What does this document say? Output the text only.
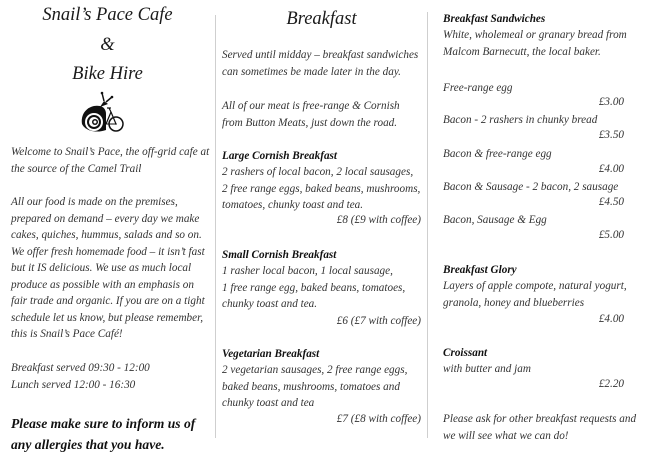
Snail’s Pace Cafe
&
Bike Hire
Welcome to Snail’s Pace, the off-grid cafe at
the source of the Camel Trail
All our food is made on the premises,
prepared on demand – every day we make
cakes, quiches, hummus, salads and so on.
We offer fresh homemade food – it isn’t fast
but it IS delicious. We use as much local
produce as possible with an emphasis on
fair trade and organic. If you are on a tight
schedule let us know, but please remember,
this is Snail’s Pace Café!
Breakfast served 09:30 - 12:00
Lunch served 12:00 - 16:30
Please make sure to inform us of
any allergies that you have.
Breakfast
Served until midday – breakfast sandwiches
can sometimes be made later in the day.
All of our meat is free-range & Cornish
from Button Meats, just down the road.
Large Cornish Breakfast
2 rashers of local bacon, 2 local sausages,
2 free range eggs, baked beans, mushrooms,
tomatoes, chunky toast and tea.
£8 (£9 with coffee)
Small Cornish Breakfast
1 rasher local bacon, 1 local sausage,
1 free range egg, baked beans, tomatoes,
chunky toast and tea.
£6 (£7 with coffee)
Vegetarian Breakfast
2 vegetarian sausages, 2 free range eggs,
baked beans, mushrooms, tomatoes and
chunky toast and tea
£7 (£8 with coffee)
Breakfast Sandwiches
White, wholemeal or granary bread from
Malcom Barnecutt, the local baker.
Free-range egg
£3.00
Bacon - 2 rashers in chunky bread
£3.50
Bacon & free-range egg
£4.00
Bacon & Sausage - 2 bacon, 2 sausage
£4.50
Bacon, Sausage & Egg
£5.00
Breakfast Glory
Layers of apple compote, natural yogurt,
granola, honey and blueberries
£4.00
Croissant
with butter and jam
£2.20
Please ask for other breakfast requests and
we will see what we can do!
